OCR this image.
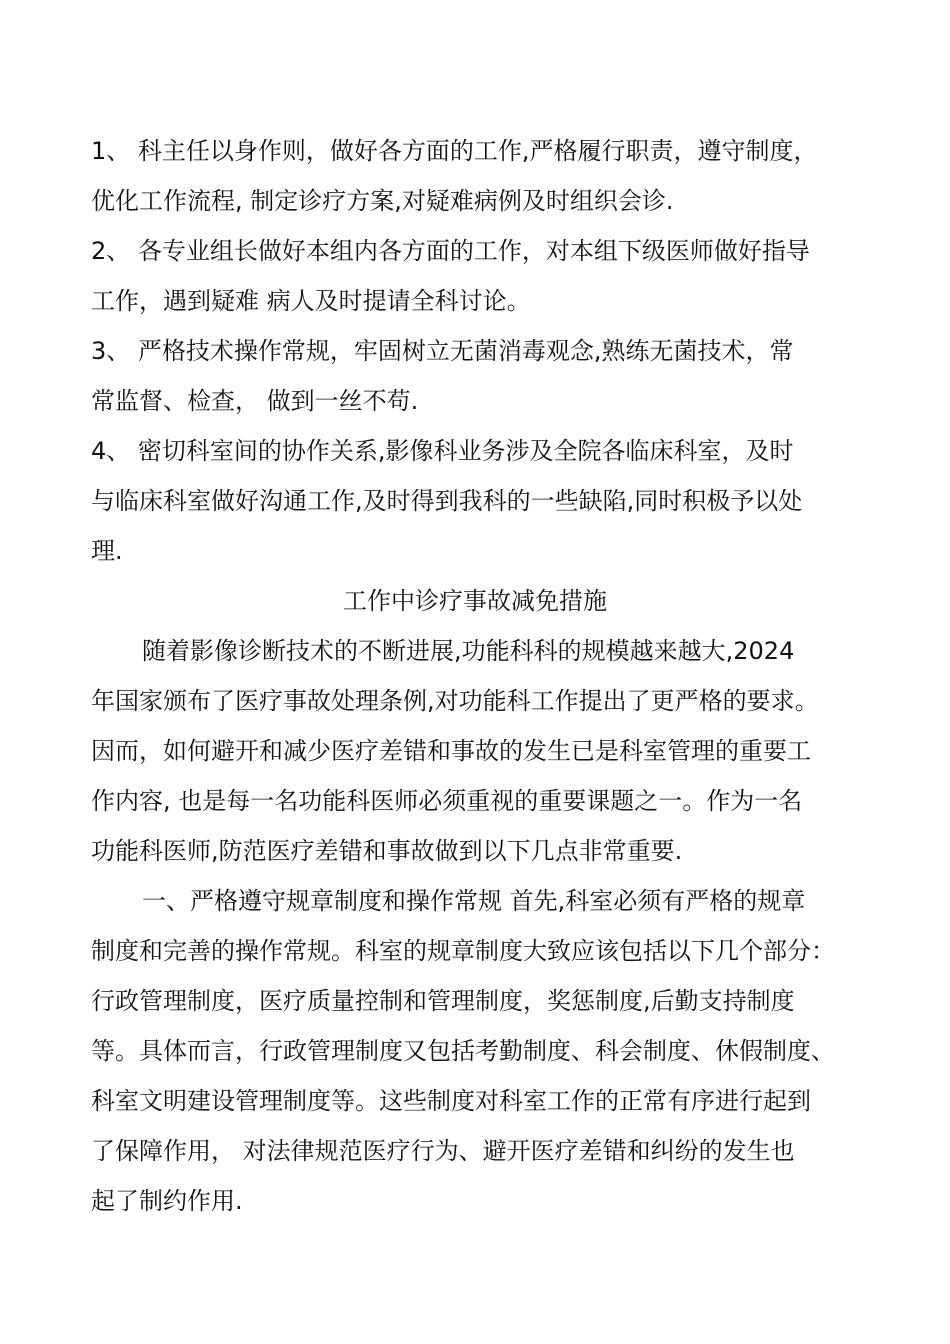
1、 科主任以身作则，做好各方面的工作,严格履行职责，遵守制度，
优化工作流程, 制定诊疗方案,对疑难病例及时组织会诊.
2、 各专业组长做好本组内各方面的工作，对本组下级医师做好指导
工作，遇到疑难 病人及时提请全科讨论。
3、 严格技术操作常规，牢固树立无菌消毒观念,熟练无菌技术，常
常监督、检查， 做到一丝不苟.
4、 密切科室间的协作关系,影像科业务涉及全院各临床科室，及时
与临床科室做好沟通工作,及时得到我科的一些缺陷,同时积极予以处
理.
工作中诊疗事故减免措施
随着影像诊断技术的不断进展,功能科科的规模越来越大,2024
年国家颁布了医疗事故处理条例,对功能科工作提出了更严格的要求。
因而，如何避开和减少医疗差错和事故的发生已是科室管理的重要工
作内容, 也是每一名功能科医师必须重视的重要课题之一。作为一名
功能科医师,防范医疗差错和事故做到以下几点非常重要.
一、严格遵守规章制度和操作常规 首先,科室必须有严格的规章
制度和完善的操作常规。科室的规章制度大致应该包括以下几个部分：
行政管理制度，医疗质量控制和管理制度，奖惩制度,后勤支持制度
等。具体而言，行政管理制度又包括考勤制度、科会制度、休假制度、
科室文明建设管理制度等。这些制度对科室工作的正常有序进行起到
了保障作用， 对法律规范医疗行为、避开医疗差错和纠纷的发生也
起了制约作用.
